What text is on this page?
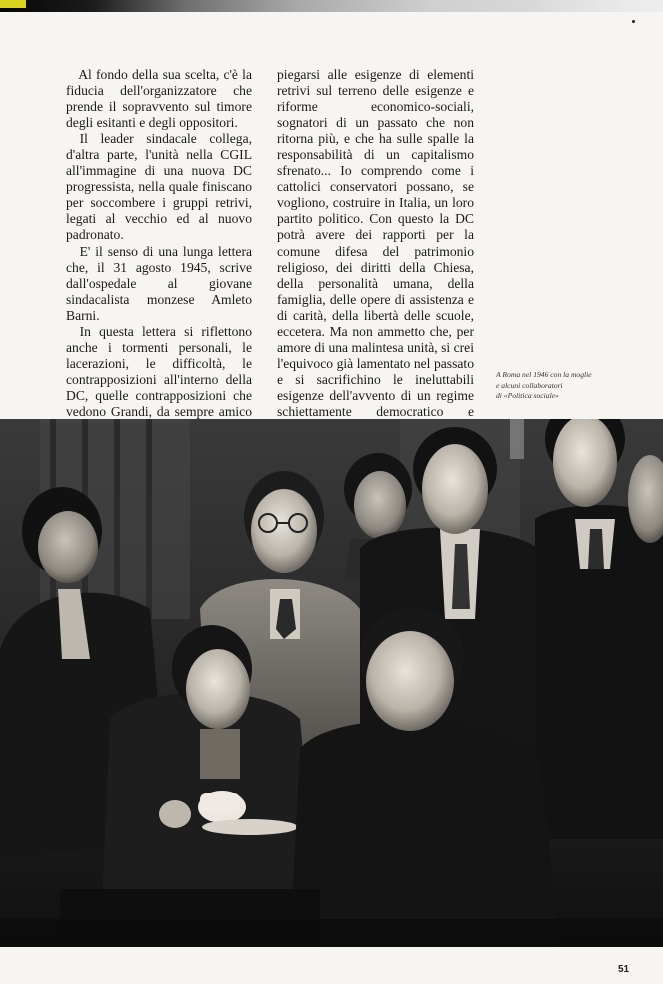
Al fondo della sua scelta, c'è la fiducia dell'organizzatore che prende il sopravvento sul timore degli esitanti e degli oppositori.

Il leader sindacale collega, d'altra parte, l'unità nella CGIL all'immagine di una nuova DC progressista, nella quale finiscano per soccombere i gruppi retrivi, legati al vecchio ed al nuovo padronato.

E' il senso di una lunga lettera che, il 31 agosto 1945, scrive dall'ospedale al giovane sindacalista monzese Amleto Barni.

In questa lettera si riflettono anche i tormenti personali, le lacerazioni, le difficoltà, le contrapposizioni all'interno della DC, quelle contrapposizioni che vedono Grandi, da sempre amico

piegarsi alle esigenze di elementi retrivi sul terreno delle esigenze e riforme economico-sociali, sognatori di un passato che non ritorna più, e che ha sulle spalle la responsabilità di un capitalismo sfrenato... Io comprendo come i cattolici conservatori possano, se vogliono, costruire in Italia, un loro partito politico. Con questo la DC potrà avere dei rapporti per la comune difesa del patrimonio religioso, dei diritti della Chiesa, della personalità umana, della famiglia, delle opere di assistenza e di carità, della libertà delle scuole, eccetera. Ma non ammetto che, per amore di una malintesa unità, si crei l'equivoco già lamentato nel passato e si sacrifichino le ineluttabili esigenze dell'avvento di un regime schiettamente democratico e

A Roma nel 1946 con la moglie
e alcuni collaboratori
di «Politica sociale»
51
